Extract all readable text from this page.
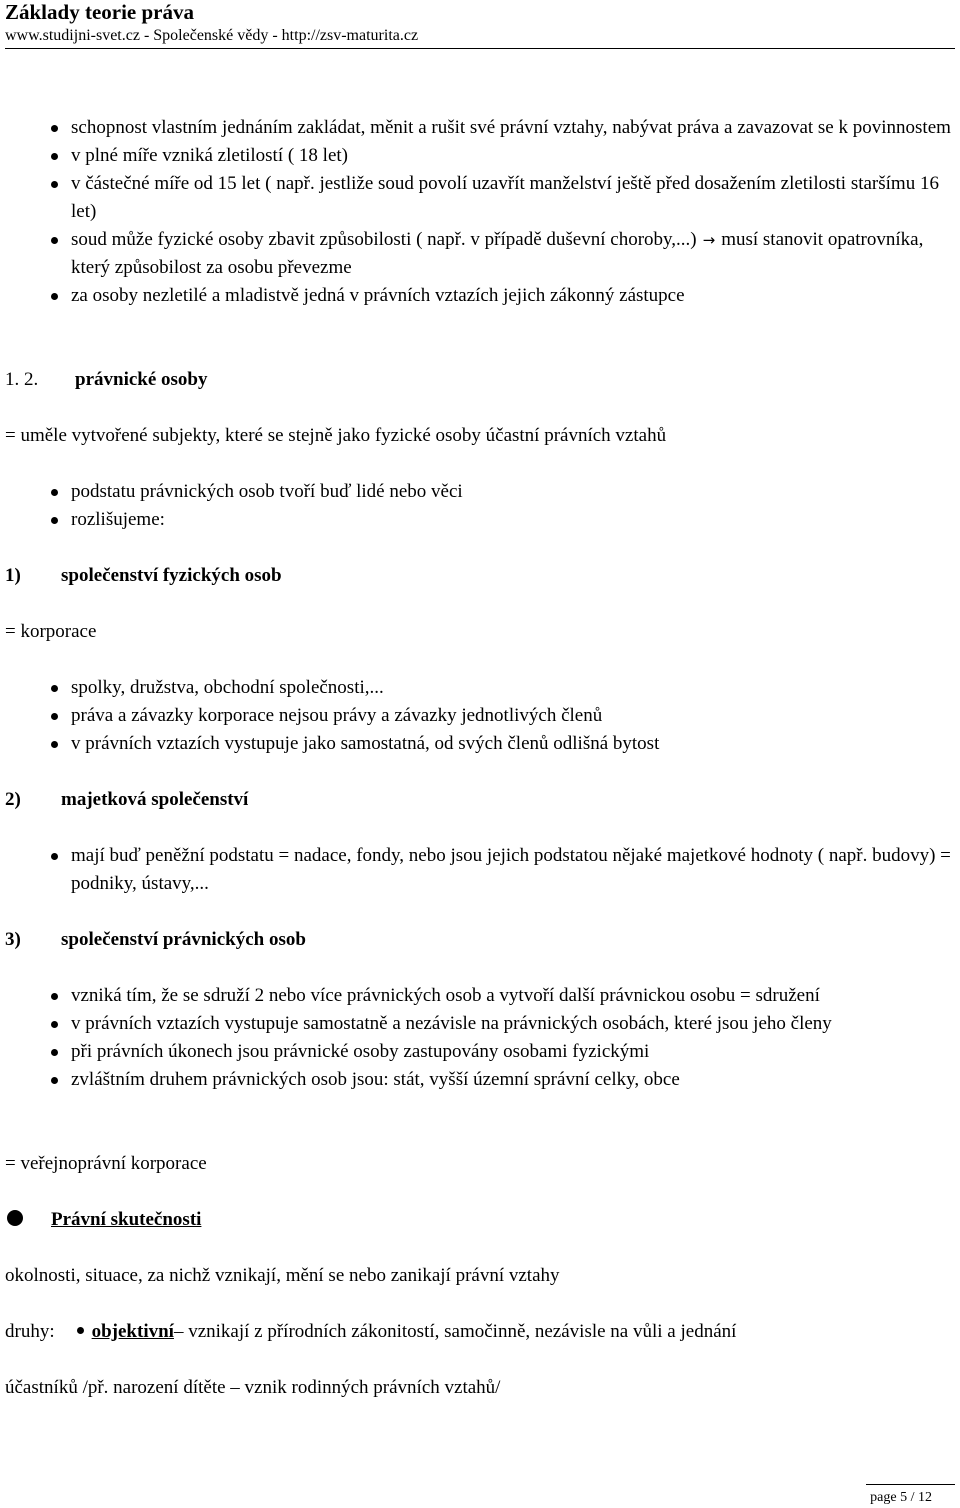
Základy teorie práva
www.studijni-svet.cz - Společenské vědy - http://zsv-maturita.cz
schopnost vlastním jednáním zakládat, měnit a rušit své právní vztahy, nabývat práva a zavazovat se k povinnostem
v plné míře vzniká zletilostí ( 18 let)
v částečné míře od 15 let ( např. jestliže soud povolí uzavřít manželství ještě před dosažením zletilosti staršímu 16 let)
soud může fyzické osoby zbavit způsobilosti ( např. v případě duševní choroby,...) → musí stanovit opatrovníka, který způsobilost za osobu převezme
za osoby nezletilé a mladistvě jedná v právních vztazích jejich zákonný zástupce
1. 2. právnické osoby
= uměle vytvořené subjekty, které se stejně jako fyzické osoby účastní právních vztahů
podstatu právnických osob tvoří buď lidé nebo věci
rozlišujeme:
1) společenství fyzických osob
= korporace
spolky, družstva, obchodní společnosti,...
práva a závazky korporace nejsou právy a závazky jednotlivých členů
v právních vztazích vystupuje jako samostatná, od svých členů odlišná bytost
2) majetková společenství
mají buď peněžní podstatu = nadace, fondy, nebo jsou jejich podstatou nějaké majetkové hodnoty ( např. budovy) = podniky, ústavy,...
3) společenství právnických osob
vzniká tím, že se sdruží 2 nebo více právnických osob a vytvoří další právnickou osobu = sdružení
v právních vztazích vystupuje samostatně a nezávisle na právnických osobách, které jsou jeho členy
při právních úkonech jsou právnické osoby zastupovány osobami fyzickými
zvláštním druhem právnických osob jsou: stát, vyšší územní správní celky, obce
= veřejnoprávní korporace
Právní skutečnosti
okolnosti, situace, za nichž vznikají, mění se nebo zanikají právní vztahy
druhy: objektivní– vznikají z přírodních zákonitostí, samočinně, nezávisle na vůli a jednání
účastníků /př. narození dítěte – vznik rodinných právních vztahů/
page 5 / 12
